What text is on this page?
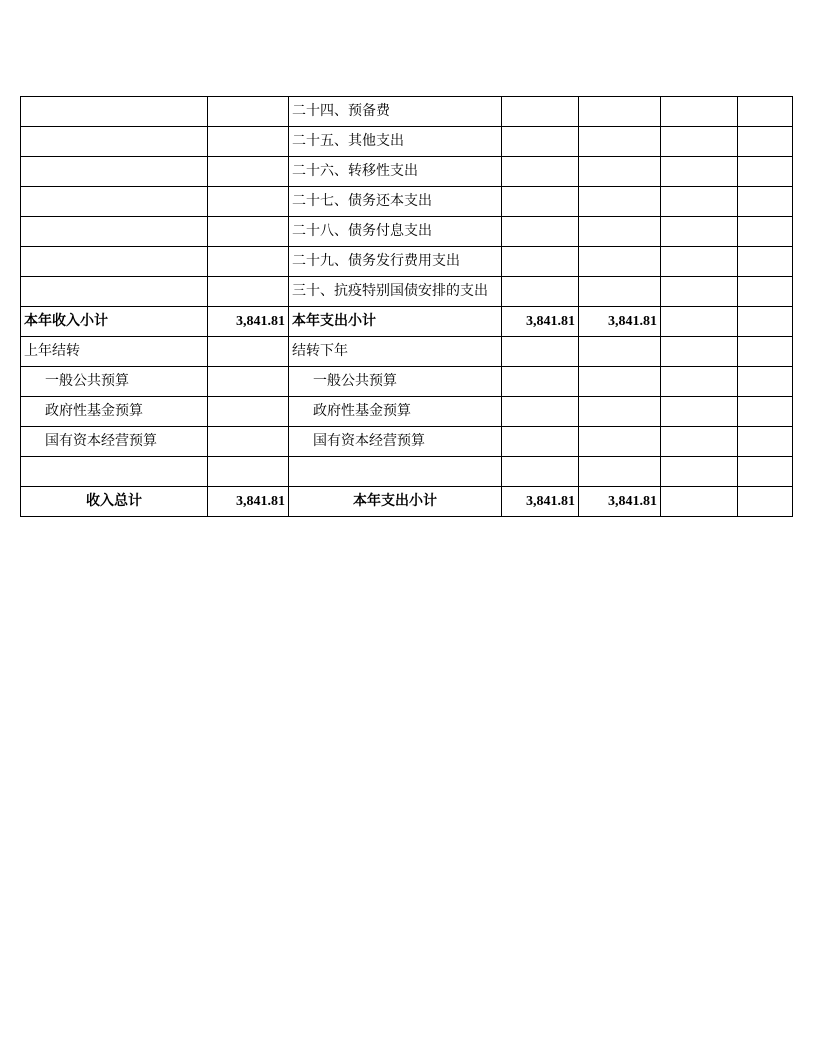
		二十四、预备费				
		二十五、其他支出				
		二十六、转移性支出				
		二十七、债务还本支出				
		二十八、债务付息支出				
		二十九、债务发行费用支出				
		三十、抗疫特别国债安排的支出				
本年收入小计	3,841.81	本年支出小计	3,841.81	3,841.81		
上年结转		结转下年				
一般公共预算		一般公共预算				
政府性基金预算		政府性基金预算				
国有资本经营预算		国有资本经营预算				

收入总计	3,841.81	本年支出小计	3,841.81	3,841.81		
